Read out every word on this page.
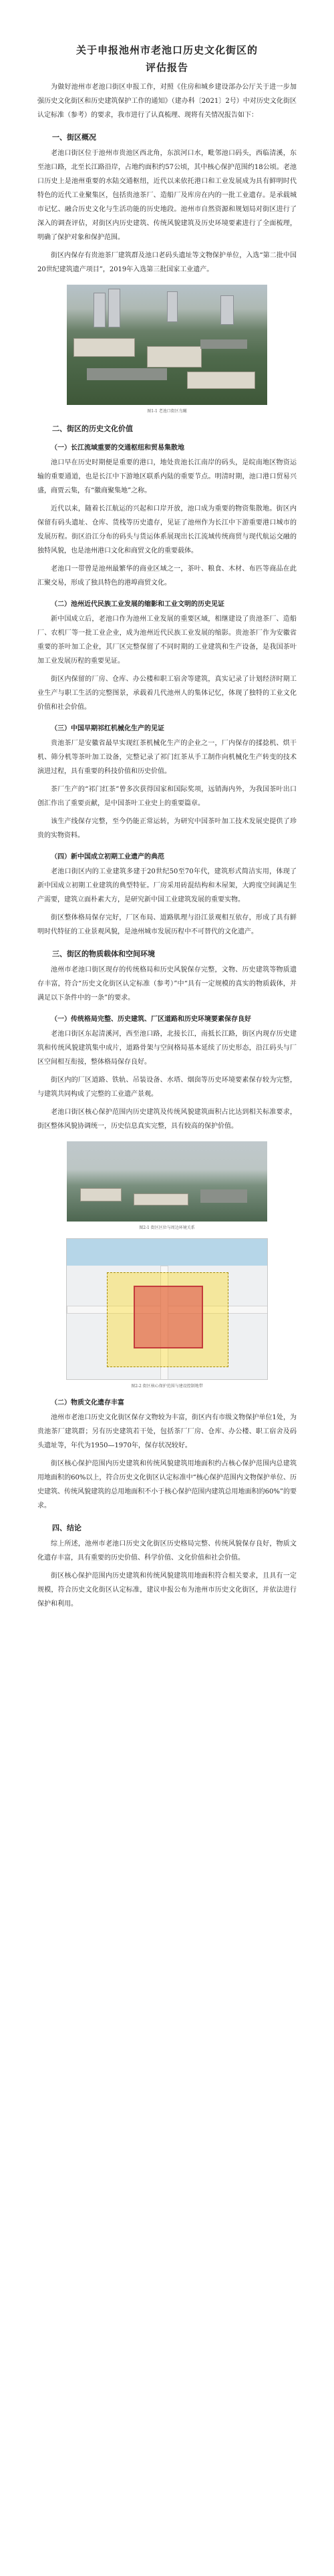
关于申报池州市老池口历史文化街区的
评估报告

为做好池州市老池口街区申报工作，对照《住房和城乡建设部办公厅关于进一步加强历史文化街区和历史建筑保护工作的通知》（建办科〔2021〕2号）中对历史文化街区认定标准（参考）的要求，我市进行了认真梳理、现将有关情况报告如下：

一、街区概况

老池口街区位于池州市贵池区西北角，东滨河口水，毗邻池口码头，西临清溪，东至池口路，北至长江路沿岸，占地约面积约57公顷，其中核心保护范围约18公顷。老池口历史上是池州重要的水陆交通枢纽，近代以来依托港口和工业发展成为具有鲜明时代特色的近代工业聚集区，包括贵池茶厂、造船厂及库房在内的一批工业遗存。是承载城市记忆、融合历史文化与生活功能的历史地段。池州市自然资源和规划局对街区进行了深入的调查评估，对街区内历史建筑、传统风貌建筑及历史环境要素进行了全面梳理，明确了保护对象和保护范围。

街区内保存有贵池茶厂建筑群及池口老码头遗址等文物保护单位，入选“第二批中国20世纪建筑遗产项目”，2019年入选第三批国家工业遗产。

图1-1 老池口街区鸟瞰
二、街区的历史文化价值
（一）长江流域重要的交通枢纽和贸易集散地

池口早在历史时期便是重要的港口，地处贵池长江南岸的码头，是皖南地区物资运输的重要通道，也是长江中下游地区联系内陆的重要节点。明清时期，池口港口贸易兴盛，商贾云集，有“徽商聚集地”之称。

近代以来，随着长江航运的兴起和口岸开放，池口成为重要的物资集散地。街区内保留有码头遗址、仓库、货栈等历史遗存，见证了池州作为长江中下游重要港口城市的发展历程。街区沿江分布的码头与货运体系展现出长江流域传统商贸与现代航运交融的独特风貌，也是池州港口文化和商贸文化的重要载体。

老池口一带曾是池州最繁华的商业区域之一，茶叶、粮食、木材、布匹等商品在此汇聚交易，形成了独具特色的港埠商贸文化。

（二）池州近代民族工业发展的缩影和工业文明的历史见证

新中国成立后，老池口作为池州工业发展的重要区域，相继建设了贵池茶厂、造船厂、农机厂等一批工业企业，成为池州近代民族工业发展的缩影。贵池茶厂作为安徽省重要的茶叶加工企业，其厂区完整保留了不同时期的工业建筑和生产设备，是我国茶叶加工业发展历程的重要见证。

街区内保留的厂房、仓库、办公楼和职工宿舍等建筑，真实记录了计划经济时期工业生产与职工生活的完整图景，承载着几代池州人的集体记忆，体现了独特的工业文化价值和社会价值。

（三）中国早期祁红机械化生产的见证

贵池茶厂是安徽省最早实现红茶机械化生产的企业之一，厂内保存的揉捻机、烘干机、筛分机等茶叶加工设备，完整记录了祁门红茶从手工制作向机械化生产转变的技术演进过程，具有重要的科技价值和历史价值。

茶厂生产的“祁门红茶”曾多次获得国家和国际奖项，远销海内外，为我国茶叶出口创汇作出了重要贡献，是中国茶叶工业史上的重要篇章。

该生产线保存完整，至今仍能正常运转，为研究中国茶叶加工技术发展史提供了珍贵的实物资料。

（四）新中国成立初期工业遗产的典范

老池口街区内的工业建筑多建于20世纪50至70年代，建筑形式简洁实用，体现了新中国成立初期工业建筑的典型特征。厂房采用砖混结构和木屋架，大跨度空间满足生产需要，建筑立面朴素大方，是研究新中国工业建筑发展的重要实物。

街区整体格局保存完好，厂区布局、道路肌理与沿江景观相互依存，形成了具有鲜明时代特征的工业景观风貌，是池州城市发展历程中不可替代的文化遗产。

三、街区的物质载体和空间环境

池州市老池口街区现存的传统格局和历史风貌保存完整，文物、历史建筑等物质遗存丰富，符合“历史文化街区认定标准（参考）”中“具有一定规模的真实的物质载体，并满足以下条件中的一条”的要求。

（一）传统格局完整、历史建筑、厂区道路和历史环境要素保存良好

老池口街区东起清溪河，西至池口路，北接长江，南抵长江路，街区内现存历史建筑和传统风貌建筑集中成片，道路骨架与空间格局基本延续了历史形态，沿江码头与厂区空间相互衔接，整体格局保存良好。

街区内的厂区道路、铁轨、吊装设备、水塔、烟囱等历史环境要素保存较为完整，与建筑共同构成了完整的工业遗产景观。

老池口街区核心保护范围内历史建筑及传统风貌建筑面积占比达到相关标准要求，街区整体风貌协调统一，历史信息真实完整，具有较高的保护价值。

图2-1 街区区位与周边环境关系
图2-2 街区核心保护范围与建设控制地带
（二）物质文化遗存丰富

池州市老池口历史文化街区保存文物较为丰富，街区内有市级文物保护单位1处，为贵池茶厂建筑群；另有历史建筑若干处，包括茶厂厂房、仓库、办公楼、职工宿舍及码头遗址等，年代为1950—1970年，保存状况较好。

街区核心保护范围内历史建筑和传统风貌建筑用地面积约占核心保护范围内总建筑用地面积的60%以上，符合历史文化街区认定标准中“核心保护范围内文物保护单位、历史建筑、传统风貌建筑的总用地面积不小于核心保护范围内建筑总用地面积的60%”的要求。

四、结论

综上所述，池州市老池口历史文化街区历史格局完整、传统风貌保存良好，物质文化遗存丰富，具有重要的历史价值、科学价值、文化价值和社会价值。

街区核心保护范围内历史建筑和传统风貌建筑用地面积符合相关要求，且具有一定规模，符合历史文化街区认定标准，建议申报公布为池州市历史文化街区，并依法进行保护和利用。
